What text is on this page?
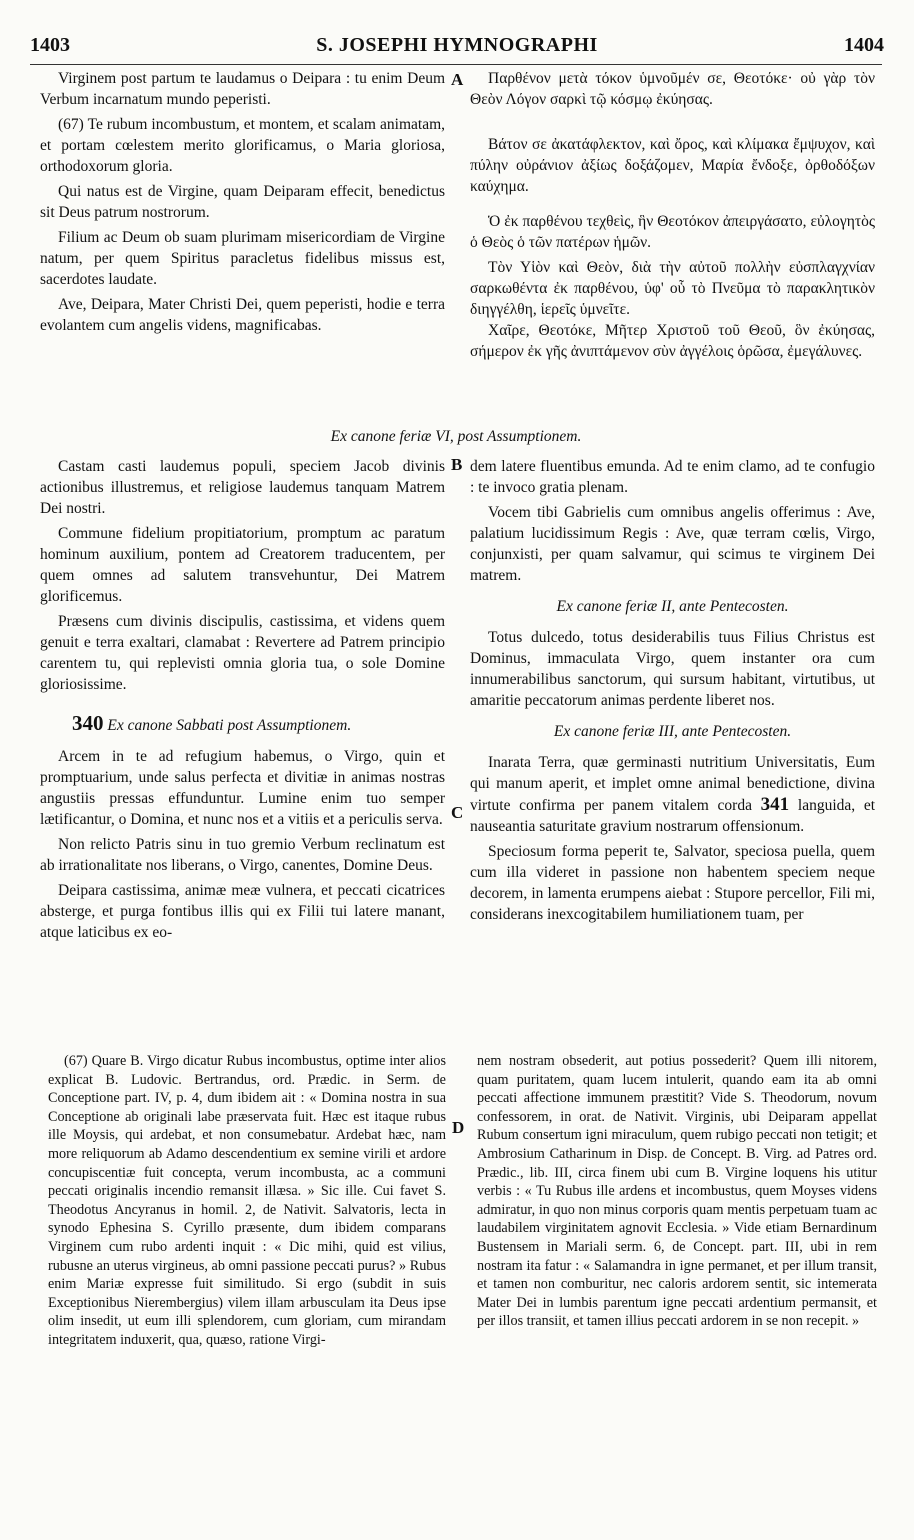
1403	S. JOSEPHI HYMNOGRAPHI	1404

Virginem post partum te laudamus o Deipara : tu enim Deum Verbum incarnatum mundo peperisti.

(67) Te rubum incombustum, et montem, et scalam animatam, et portam cœlestem merito glorificamus, o Maria gloriosa, orthodoxorum gloria.

Qui natus est de Virgine, quam Deiparam effecit, benedictus sit Deus patrum nostrorum.

Filium ac Deum ob suam plurimam misericordiam de Virgine natum, per quem Spiritus paracletus fidelibus missus est, sacerdotes laudate.

Ave, Deipara, Mater Christi Dei, quem peperisti, hodie e terra evolantem cum angelis videns, magnificabas.

A	Παρθένον μετὰ τόκον ὑμνοῦμέν σε, Θεοτόκε· οὐ γὰρ τὸν Θεὸν Λόγον σαρκὶ τῷ κόσμῳ ἐκύησας.

Βάτον σε ἀκατάφλεκτον, καὶ ὄρος, καὶ κλίμακα ἔμψυχον, καὶ πύλην οὐράνιον ἀξίως δοξάζομεν, Μαρία ἔνδοξε, ὀρθοδόξων καύχημα.

Ὁ ἐκ παρθένου τεχθεὶς, ἣν Θεοτόκον ἀπειργάσατο, εὐλογητὸς ὁ Θεὸς ὁ τῶν πατέρων ἡμῶν.

Τὸν Υἱὸν καὶ Θεὸν, διὰ τὴν αὐτοῦ πολλὴν εὐσπλαγχνίαν σαρκωθέντα ἐκ παρθένου, ὑφ' οὗ τὸ Πνεῦμα τὸ παρακλητικὸν διηγγέλθη, ἱερεῖς ὑμνεῖτε.

Χαῖρε, Θεοτόκε, Μῆτερ Χριστοῦ τοῦ Θεοῦ, ὃν ἐκύησας, σήμερον ἐκ γῆς ἀνιπτάμενον σὺν ἀγγέλοις ὁρῶσα, ἐμεγάλυνες.

Ex canone feriæ VI, post Assumptionem.

Castam casti laudemus populi, speciem Jacob divinis actionibus illustremus, et religiose laudemus tanquam Matrem Dei nostri.

Commune fidelium propitiatorium, promptum ac paratum hominum auxilium, pontem ad Creatorem traducentem, per quem omnes ad salutem transvehuntur, Dei Matrem glorificemus.

Præsens cum divinis discipulis, castissima, et videns quem genuit e terra exaltari, clamabat : Revertere ad Patrem principio carentem tu, qui replevisti omnia gloria tua, o sole Domine gloriosissime.

340 Ex canone Sabbati post Assumptionem.

Arcem in te ad refugium habemus, o Virgo, quin et promptuarium, unde salus perfecta et divitiæ in animas nostras angustiis pressas effunduntur. Lumine enim tuo semper lætificantur, o Domina, et nunc nos et a vitiis et a periculis serva.

Non relicto Patris sinu in tuo gremio Verbum reclinatum est ab irrationalitate nos liberans, o Virgo, canentes, Domine Deus.

Deipara castissima, animæ meæ vulnera, et peccati cicatrices absterge, et purga fontibus illis qui ex Filii tui latere manant, atque laticibus ex eo-

B
C

dem latere fluentibus emunda. Ad te enim clamo, ad te confugio : te invoco gratia plenam.

Vocem tibi Gabrielis cum omnibus angelis offerimus : Ave, palatium lucidissimum Regis : Ave, quæ terram cœlis, Virgo, conjunxisti, per quam salvamur, qui scimus te virginem Dei matrem.

Ex canone feriæ II, ante Pentecosten.

Totus dulcedo, totus desiderabilis tuus Filius Christus est Dominus, immaculata Virgo, quem instanter ora cum innumerabilibus sanctorum, qui sursum habitant, virtutibus, ut amaritie peccatorum animas perdente liberet nos.

Ex canone feriæ III, ante Pentecosten.

Inarata Terra, quæ germinasti nutritium Universitatis, Eum qui manum aperit, et implet omne animal benedictione, divina virtute confirma per panem vitalem corda 341 languida, et nauseantia saturitate gravium nostrarum offensionum.

Speciosum forma peperit te, Salvator, speciosa puella, quem cum illa videret in passione non habentem speciem neque decorem, in lamenta erumpens aiebat : Stupore percellor, Fili mi, considerans inexcogitabilem humiliationem tuam, per

(67) Quare B. Virgo dicatur Rubus incombustus, optime inter alios explicat B. Ludovic. Bertrandus, ord. Prædic. in Serm. de Conceptione part. IV, p. 4, dum ibidem ait : « Domina nostra in sua Conceptione ab originali labe præservata fuit. Hæc est itaque rubus ille Moysis, qui ardebat, et non consumebatur. Ardebat hæc, nam more reliquorum ab Adamo descendentium ex semine virili et ardore concupiscentiæ fuit concepta, verum incombusta, ac a communi peccati originalis incendio remansit illæsa. » Sic ille. Cui favet S. Theodotus Ancyranus in homil. 2, de Nativit. Salvatoris, lecta in synodo Ephesina S. Cyrillo præsente, dum ibidem comparans Virginem cum rubo ardenti inquit : « Dic mihi, quid est vilius, rubusne an uterus virgineus, ab omni passione peccati purus? » Rubus enim Mariæ expresse fuit similitudo. Si ergo (subdit in suis Exceptionibus Nierembergius) vilem illam arbusculam ita Deus ipse olim insedit, ut eum illi splendorem, cum gloriam, cum mirandam integritatem induxerit, qua, quæso, ratione Virgi-

D

nem nostram obsederit, aut potius possederit? Quem illi nitorem, quam puritatem, quam lucem intulerit, quando eam ita ab omni peccati affectione immunem præstitit? Vide S. Theodorum, novum confessorem, in orat. de Nativit. Virginis, ubi Deiparam appellat Rubum consertum igni miraculum, quem rubigo peccati non tetigit; et Ambrosium Catharinum in Disp. de Concept. B. Virg. ad Patres ord. Prædic., lib. III, circa finem ubi cum B. Virgine loquens his utitur verbis : « Tu Rubus ille ardens et incombustus, quem Moyses videns admiratur, in quo non minus corporis quam mentis perpetuam tuam ac laudabilem virginitatem agnovit Ecclesia. » Vide etiam Bernardinum Bustensem in Mariali serm. 6, de Concept. part. III, ubi in rem nostram ita fatur : « Salamandra in igne permanet, et per illum transit, et tamen non comburitur, nec caloris ardorem sentit, sic intemerata Mater Dei in lumbis parentum igne peccati ardentium permansit, et per illos transiit, et tamen illius peccati ardorem in se non recepit. »
